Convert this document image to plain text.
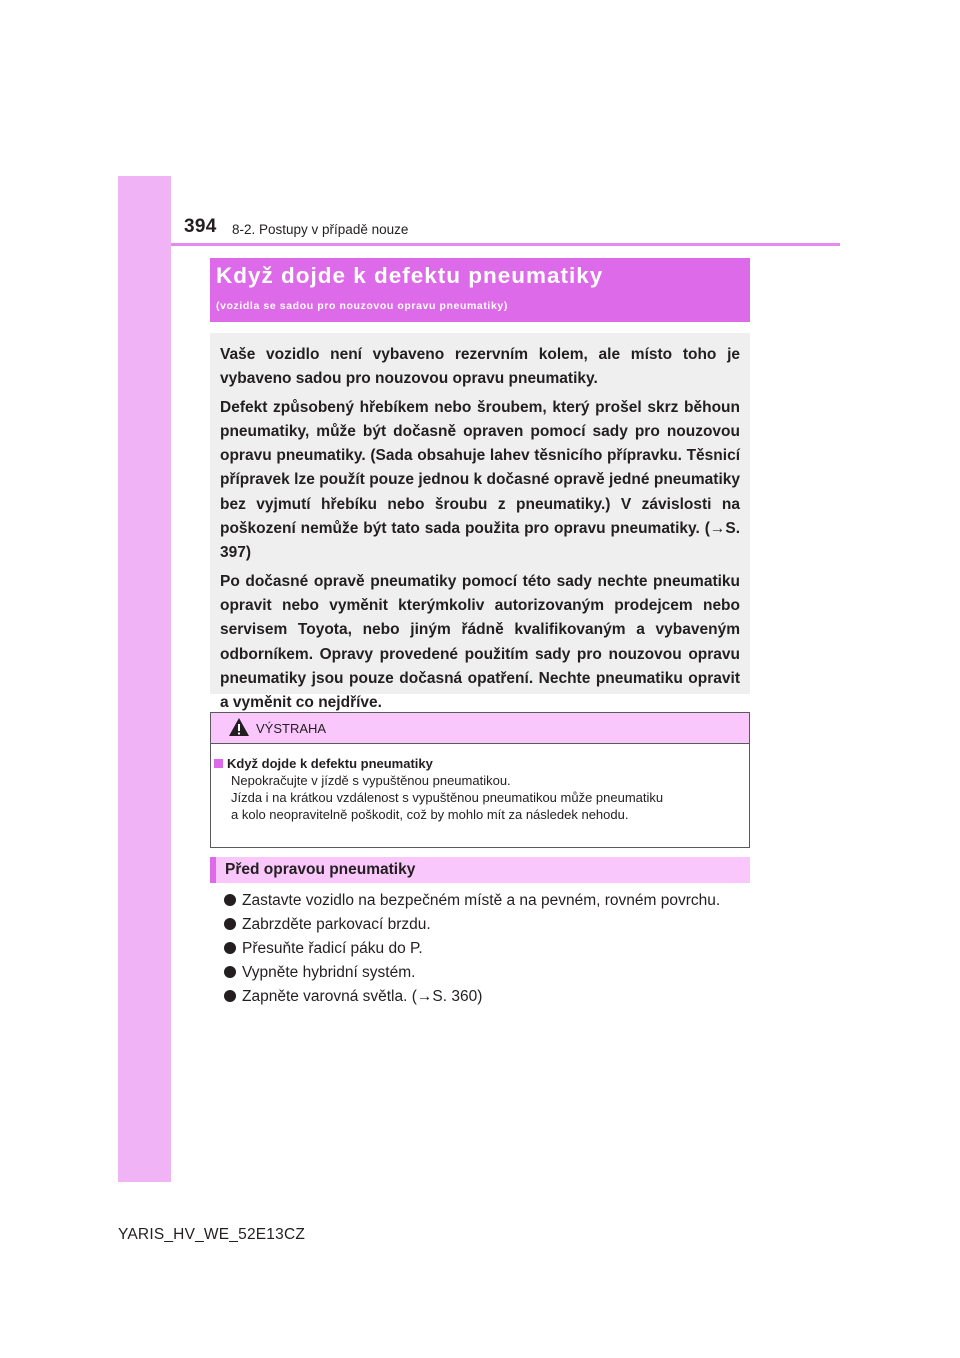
394 8-2. Postupy v případě nouze
Když dojde k defektu pneumatiky
(vozidla se sadou pro nouzovou opravu pneumatiky)

Vaše vozidlo není vybaveno rezervním kolem, ale místo toho je vybaveno sadou pro nouzovou opravu pneumatiky.

Defekt způsobený hřebíkem nebo šroubem, který prošel skrz běhoun pneumatiky, může být dočasně opraven pomocí sady pro nouzovou opravu pneumatiky. (Sada obsahuje lahev těsnicího přípravku. Těsnicí přípravek lze použít pouze jednou k dočasné opravě jedné pneumatiky bez vyjmutí hřebíku nebo šroubu z pneumatiky.) V závislosti na poškození nemůže být tato sada použita pro opravu pneumatiky. (→S. 397)

Po dočasné opravě pneumatiky pomocí této sady nechte pneumatiku opravit nebo vyměnit kterýmkoliv autorizovaným prodejcem nebo servisem Toyota, nebo jiným řádně kvalifikovaným a vybaveným odborníkem. Opravy provedené použitím sady pro nouzovou opravu pneumatiky jsou pouze dočasná opatření. Nechte pneumatiku opravit a vyměnit co nejdříve.

VÝSTRAHA
Když dojde k defektu pneumatiky
Nepokračujte v jízdě s vypuštěnou pneumatikou.
Jízda i na krátkou vzdálenost s vypuštěnou pneumatikou může pneumatiku
a kolo neopravitelně poškodit, což by mohlo mít za následek nehodu.
Před opravou pneumatiky
Zastavte vozidlo na bezpečném místě a na pevném, rovném povrchu.
Zabrzděte parkovací brzdu.
Přesuňte řadicí páku do P.
Vypněte hybridní systém.
Zapněte varovná světla. (→S. 360)
YARIS_HV_WE_52E13CZ
